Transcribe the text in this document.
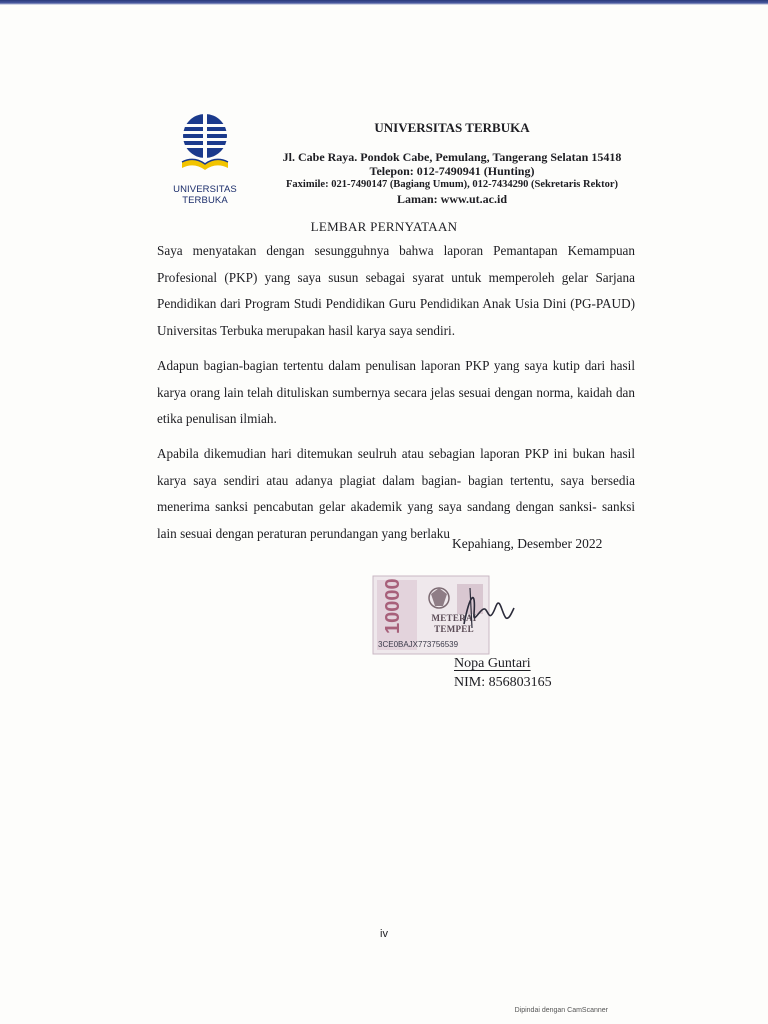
UNIVERSITAS TERBUKA
UNIVERSITAS TERBUKA
Jl. Cabe Raya. Pondok Cabe, Pemulang, Tangerang Selatan 15418
Telepon: 012-7490941 (Hunting)
Faximile: 021-7490147 (Bagiang Umum), 012-7434290 (Sekretaris Rektor)
Laman: www.ut.ac.id
LEMBAR PERNYATAAN

Saya menyatakan dengan sesungguhnya bahwa laporan Pemantapan Kemampuan Profesional (PKP) yang saya susun sebagai syarat untuk memperoleh gelar Sarjana Pendidikan dari Program Studi Pendidikan Guru Pendidikan Anak Usia Dini (PG-PAUD) Universitas Terbuka merupakan hasil karya saya sendiri.

Adapun bagian-bagian tertentu dalam penulisan laporan PKP yang saya kutip dari hasil karya orang lain telah dituliskan sumbernya secara jelas sesuai dengan norma, kaidah dan etika penulisan ilmiah.

Apabila dikemudian hari ditemukan seulruh atau sebagian laporan PKP ini bukan hasil karya saya sendiri atau adanya plagiat dalam bagian- bagian tertentu, saya bersedia menerima sanksi pencabutan gelar akademik yang saya sandang dengan sanksi- sanksi lain sesuai dengan peraturan perundangan yang berlaku

Kepahiang, Desember 2022
10000	METERAI
TEMPEL
3CE0BAJX773756539
Nopa Guntari
NIM: 856803165
iv
Dipindai dengan CamScanner
